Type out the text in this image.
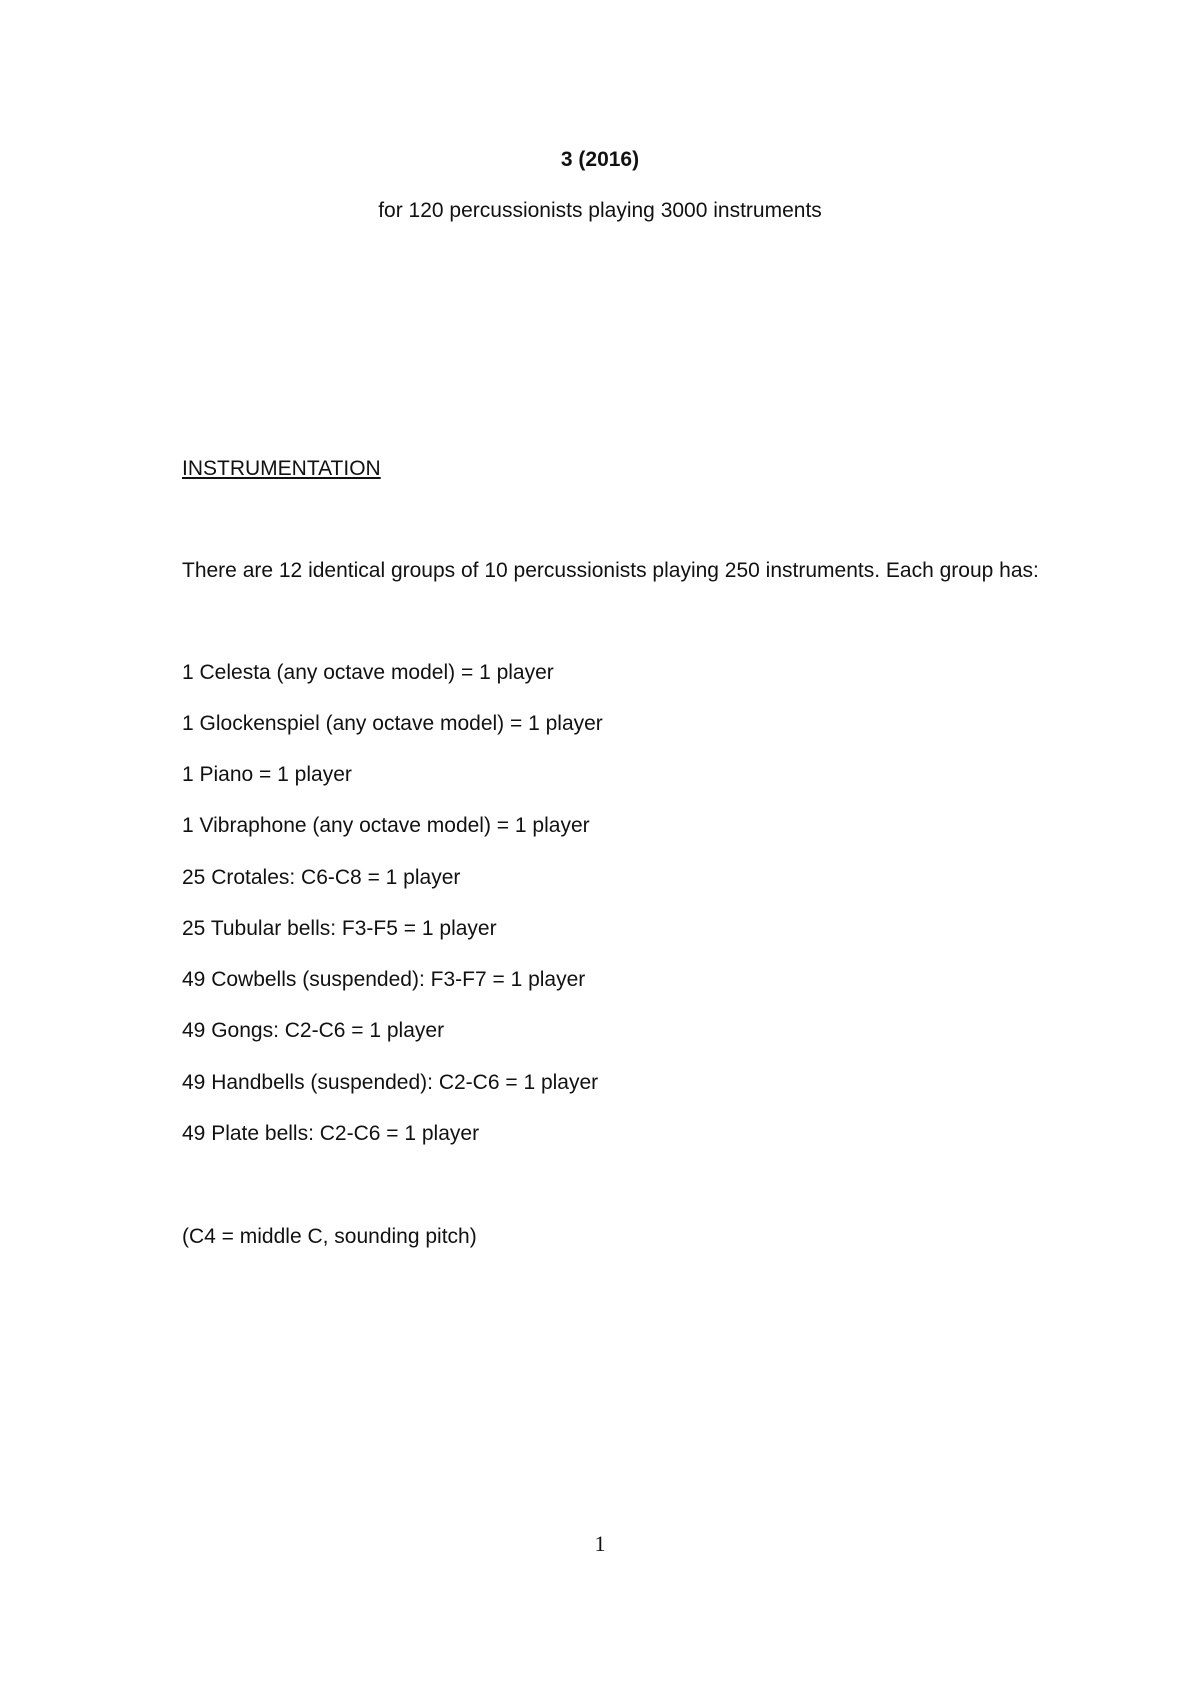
3 (2016)
for 120 percussionists playing 3000 instruments
INSTRUMENTATION
There are 12 identical groups of 10 percussionists playing 250 instruments. Each group has:
1 Celesta (any octave model) = 1 player
1 Glockenspiel (any octave model) = 1 player
1 Piano = 1 player
1 Vibraphone (any octave model) = 1 player
25 Crotales: C6-C8 = 1 player
25 Tubular bells: F3-F5 = 1 player
49 Cowbells (suspended): F3-F7 = 1 player
49 Gongs: C2-C6 = 1 player
49 Handbells (suspended): C2-C6 = 1 player
49 Plate bells: C2-C6 = 1 player
(C4 = middle C, sounding pitch)
1
